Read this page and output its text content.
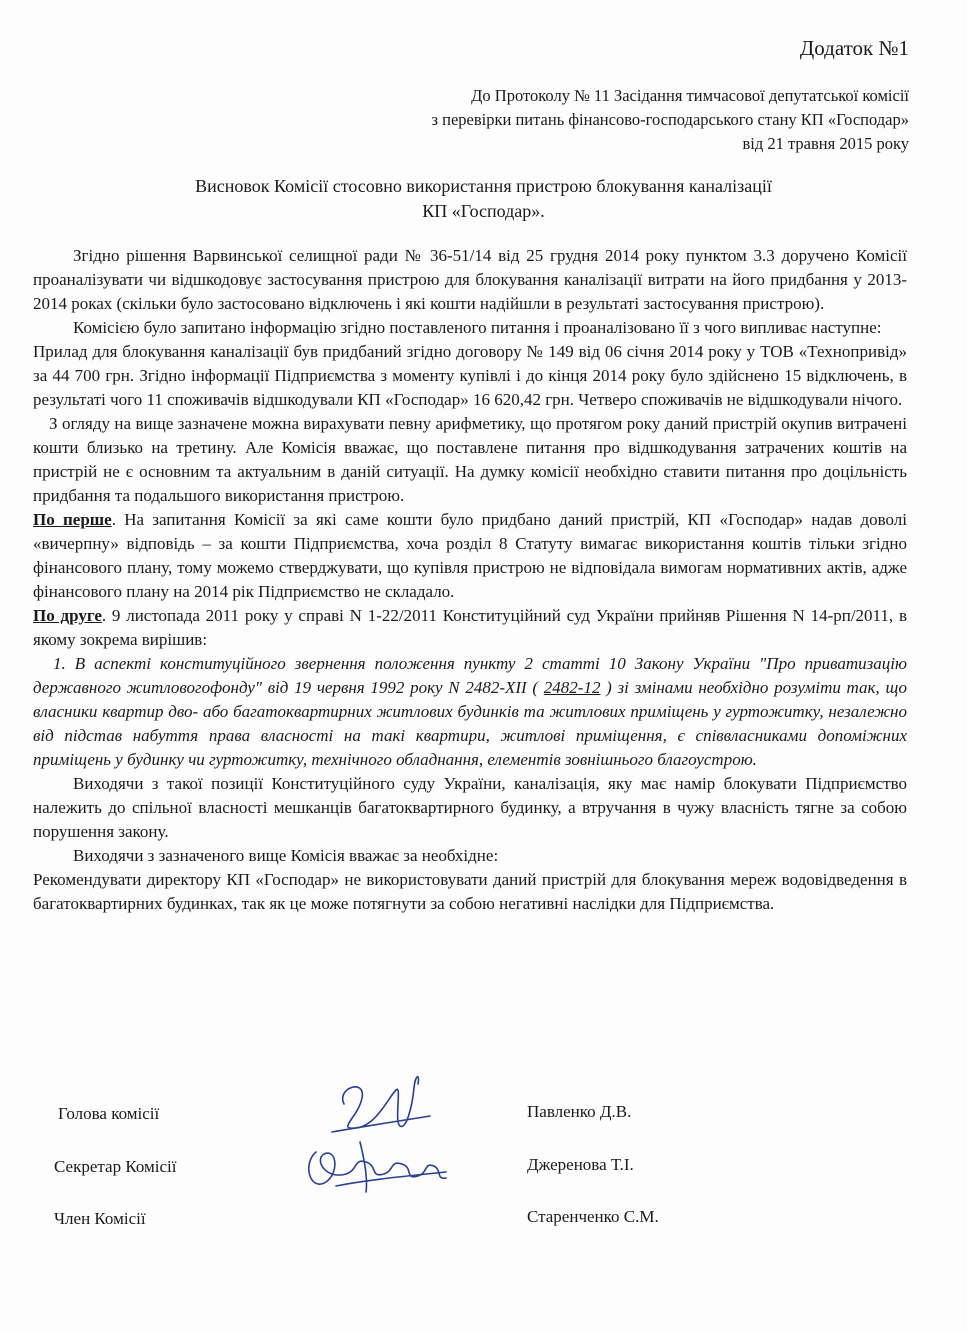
Додаток №1
До Протоколу № 11 Засідання тимчасової депутатської комісії
з перевірки питань фінансово-господарського стану КП «Господар»
від 21 травня 2015 року
Висновок Комісії стосовно використання пристрою блокування каналізації
КП «Господар».

Згідно рішення Варвинської селищної ради № 36-51/14 від 25 грудня 2014 року пунктом 3.3 доручено Комісії проаналізувати чи відшкодовує застосування пристрою для блокування каналізації витрати на його придбання у 2013-2014 роках (скільки було застосовано відключень і які кошти надійшли в результаті застосування пристрою).

Комісією було запитано інформацію згідно поставленого питання і проаналізовано її з чого випливає наступне:

Прилад для блокування каналізації був придбаний згідно договору № 149 від 06 січня 2014 року у ТОВ «Технопривід» за 44 700 грн. Згідно інформації Підприємства з моменту купівлі і до кінця 2014 року було здійснено 15 відключень, в результаті чого 11 споживачів відшкодували КП «Господар» 16 620,42 грн. Четверо споживачів не відшкодували нічого.

З огляду на вище зазначене можна вирахувати певну арифметику, що протягом року даний пристрій окупив витрачені кошти близько на третину. Але Комісія вважає, що поставлене питання про відшкодування затрачених коштів на пристрій не є основним та актуальним в даній ситуації. На думку комісії необхідно ставити питання про доцільність придбання та подальшого використання пристрою.

По перше. На запитання Комісії за які саме кошти було придбано даний пристрій, КП «Господар» надав доволі «вичерпну» відповідь – за кошти Підприємства, хоча розділ 8 Статуту вимагає використання коштів тільки згідно фінансового плану, тому можемо стверджувати, що купівля пристрою не відповідала вимогам нормативних актів, адже фінансового плану на 2014 рік Підприємство не складало.

По друге. 9 листопада 2011 року у справі N 1-22/2011 Конституційний суд України прийняв Рішення N 14-рп/2011, в якому зокрема вирішив:

1. В аспекті конституційного звернення положення пункту 2 статті 10 Закону України "Про приватизацію державного житловогофонду" від 19 червня 1992 року N 2482-XII ( 2482-12 ) зі змінами необхідно розуміти так, що власники квартир дво- або багатоквартирних житлових будинків та житлових приміщень у гуртожитку, незалежно від підстав набуття права власності на такі квартири, житлові приміщення, є співвласниками допоміжних приміщень у будинку чи гуртожитку, технічного обладнання, елементів зовнішнього благоустрою.

Виходячи з такої позиції Конституційного суду України, каналізація, яку має намір блокувати Підприємство належить до спільної власності мешканців багатоквартирного будинку, а втручання в чужу власність тягне за собою порушення закону.

Виходячи з зазначеного вище Комісія вважає за необхідне:

Рекомендувати директору КП «Господар» не використовувати даний пристрій для блокування мереж водовідведення в багатоквартирних будинках, так як це може потягнути за собою негативні наслідки для Підприємства.

Голова комісії
Секретар Комісії
Член Комісії
Павленко Д.В.
Джеренова Т.І.
Старенченко С.М.
